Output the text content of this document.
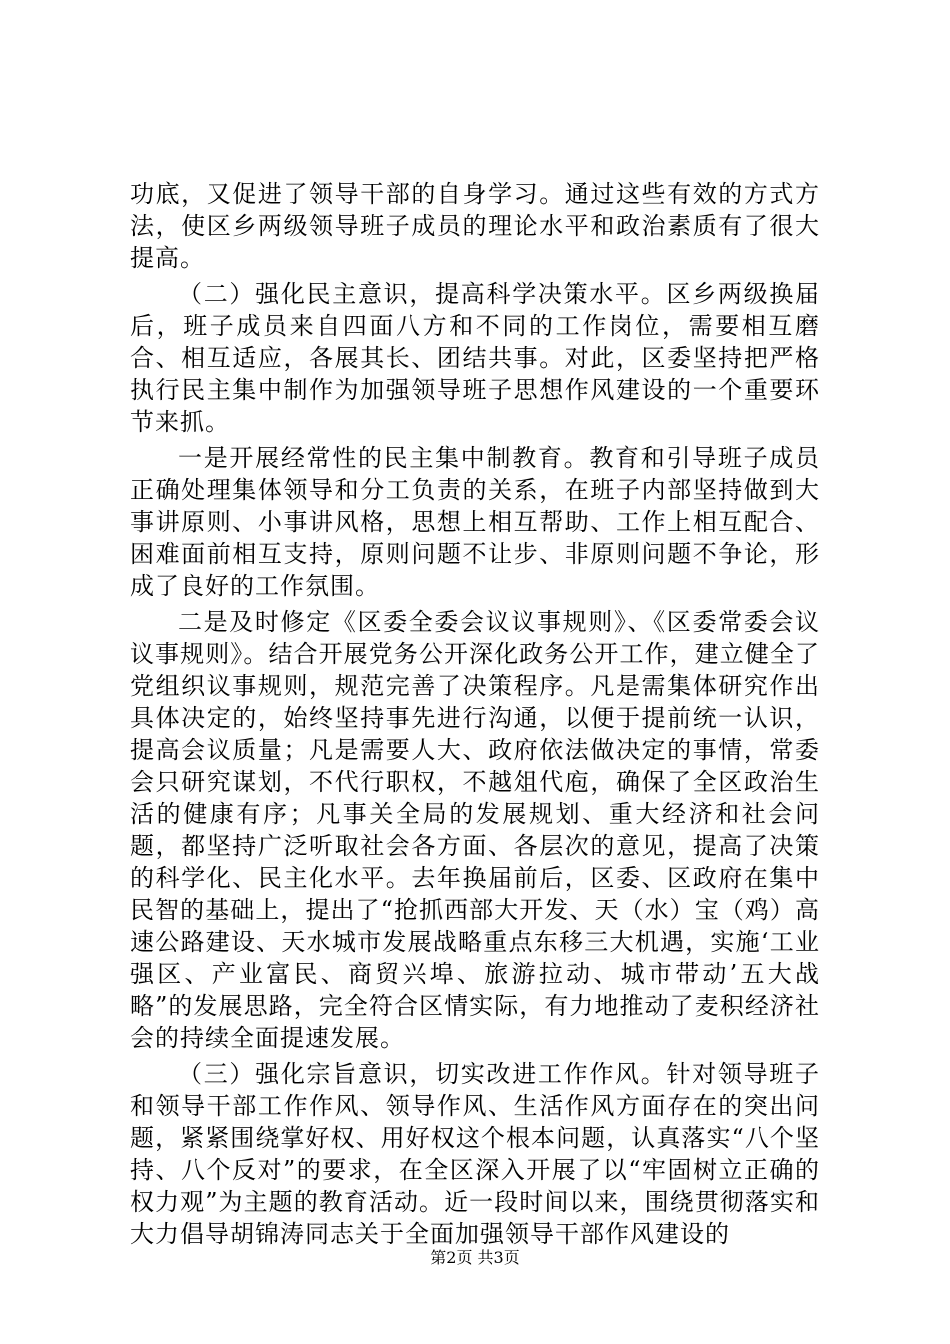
功底，又促进了领导干部的自身学习。通过这些有效的方式方法，使区乡两级领导班子成员的理论水平和政治素质有了很大提高。

（二）强化民主意识，提高科学决策水平。区乡两级换届后，班子成员来自四面八方和不同的工作岗位，需要相互磨合、相互适应，各展其长、团结共事。对此，区委坚持把严格执行民主集中制作为加强领导班子思想作风建设的一个重要环节来抓。

一是开展经常性的民主集中制教育。教育和引导班子成员正确处理集体领导和分工负责的关系，在班子内部坚持做到大事讲原则、小事讲风格，思想上相互帮助、工作上相互配合、困难面前相互支持，原则问题不让步、非原则问题不争论，形成了良好的工作氛围。

二是及时修定《区委全委会议议事规则》、《区委常委会议议事规则》。结合开展党务公开深化政务公开工作，建立健全了党组织议事规则，规范完善了决策程序。凡是需集体研究作出具体决定的，始终坚持事先进行沟通，以便于提前统一认识，提高会议质量；凡是需要人大、政府依法做决定的事情，常委会只研究谋划，不代行职权，不越俎代庖，确保了全区政治生活的健康有序；凡事关全局的发展规划、重大经济和社会问题，都坚持广泛听取社会各方面、各层次的意见，提高了决策的科学化、民主化水平。去年换届前后，区委、区政府在集中民智的基础上，提出了“抢抓西部大开发、天（水）宝（鸡）高速公路建设、天水城市发展战略重点东移三大机遇，实施‘工业强区、产业富民、商贸兴埠、旅游拉动、城市带动’五大战略”的发展思路，完全符合区情实际，有力地推动了麦积经济社会的持续全面提速发展。

（三）强化宗旨意识，切实改进工作作风。针对领导班子和领导干部工作作风、领导作风、生活作风方面存在的突出问题，紧紧围绕掌好权、用好权这个根本问题，认真落实“八个坚持、八个反对”的要求，在全区深入开展了以“牢固树立正确的权力观”为主题的教育活动。近一段时间以来，围绕贯彻落实和大力倡导胡锦涛同志关于全面加强领导干部作风建设的

第2页 共3页
